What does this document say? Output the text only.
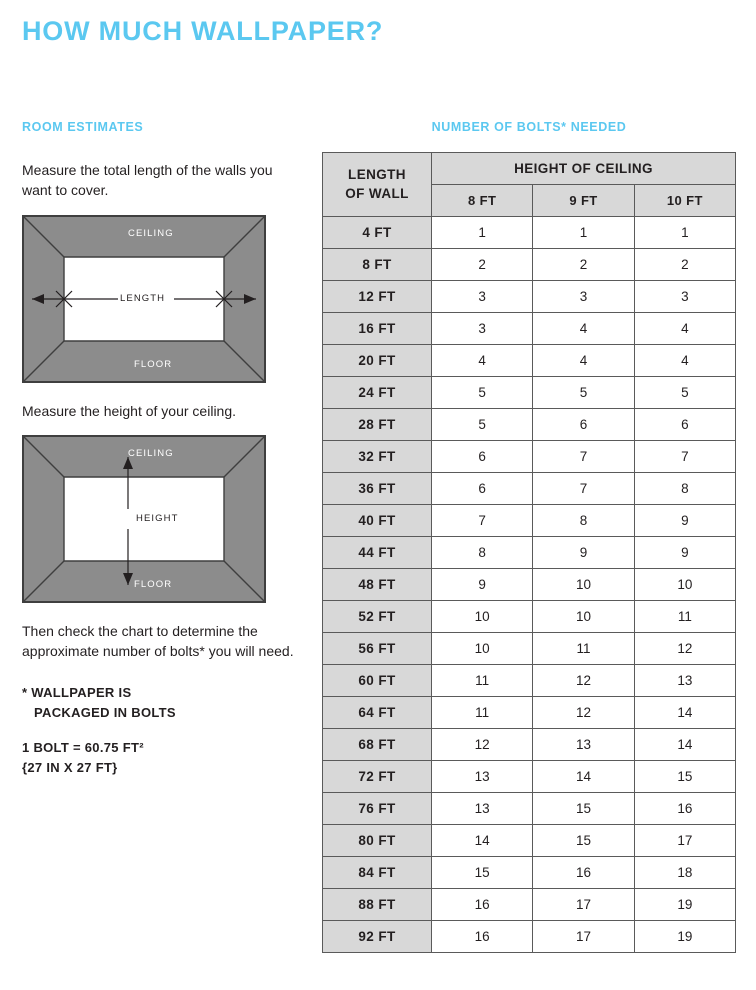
HOW MUCH WALLPAPER?
ROOM ESTIMATES

Measure the total length of the walls you want to cover.

CEILING
FLOOR
LENGTH

Measure the height of your ceiling.

CEILING
FLOOR
HEIGHT

Then check the chart to determine the approximate number of bolts* you will need.

* WALLPAPER IS
PACKAGED IN BOLTS
1 BOLT = 60.75 FT²
{27 IN X 27 FT}
NUMBER OF BOLTS* NEEDED
LENGTH
OF WALL	HEIGHT OF CEILING		
	8 FT	9 FT	10 FT
4 FT	1	1	1
8 FT	2	2	2
12 FT	3	3	3
16 FT	3	4	4
20 FT	4	4	4
24 FT	5	5	5
28 FT	5	6	6
32 FT	6	7	7
36 FT	6	7	8
40 FT	7	8	9
44 FT	8	9	9
48 FT	9	10	10
52 FT	10	10	11
56 FT	10	11	12
60 FT	11	12	13
64 FT	11	12	14
68 FT	12	13	14
72 FT	13	14	15
76 FT	13	15	16
80 FT	14	15	17
84 FT	15	16	18
88 FT	16	17	19
92 FT	16	17	19
